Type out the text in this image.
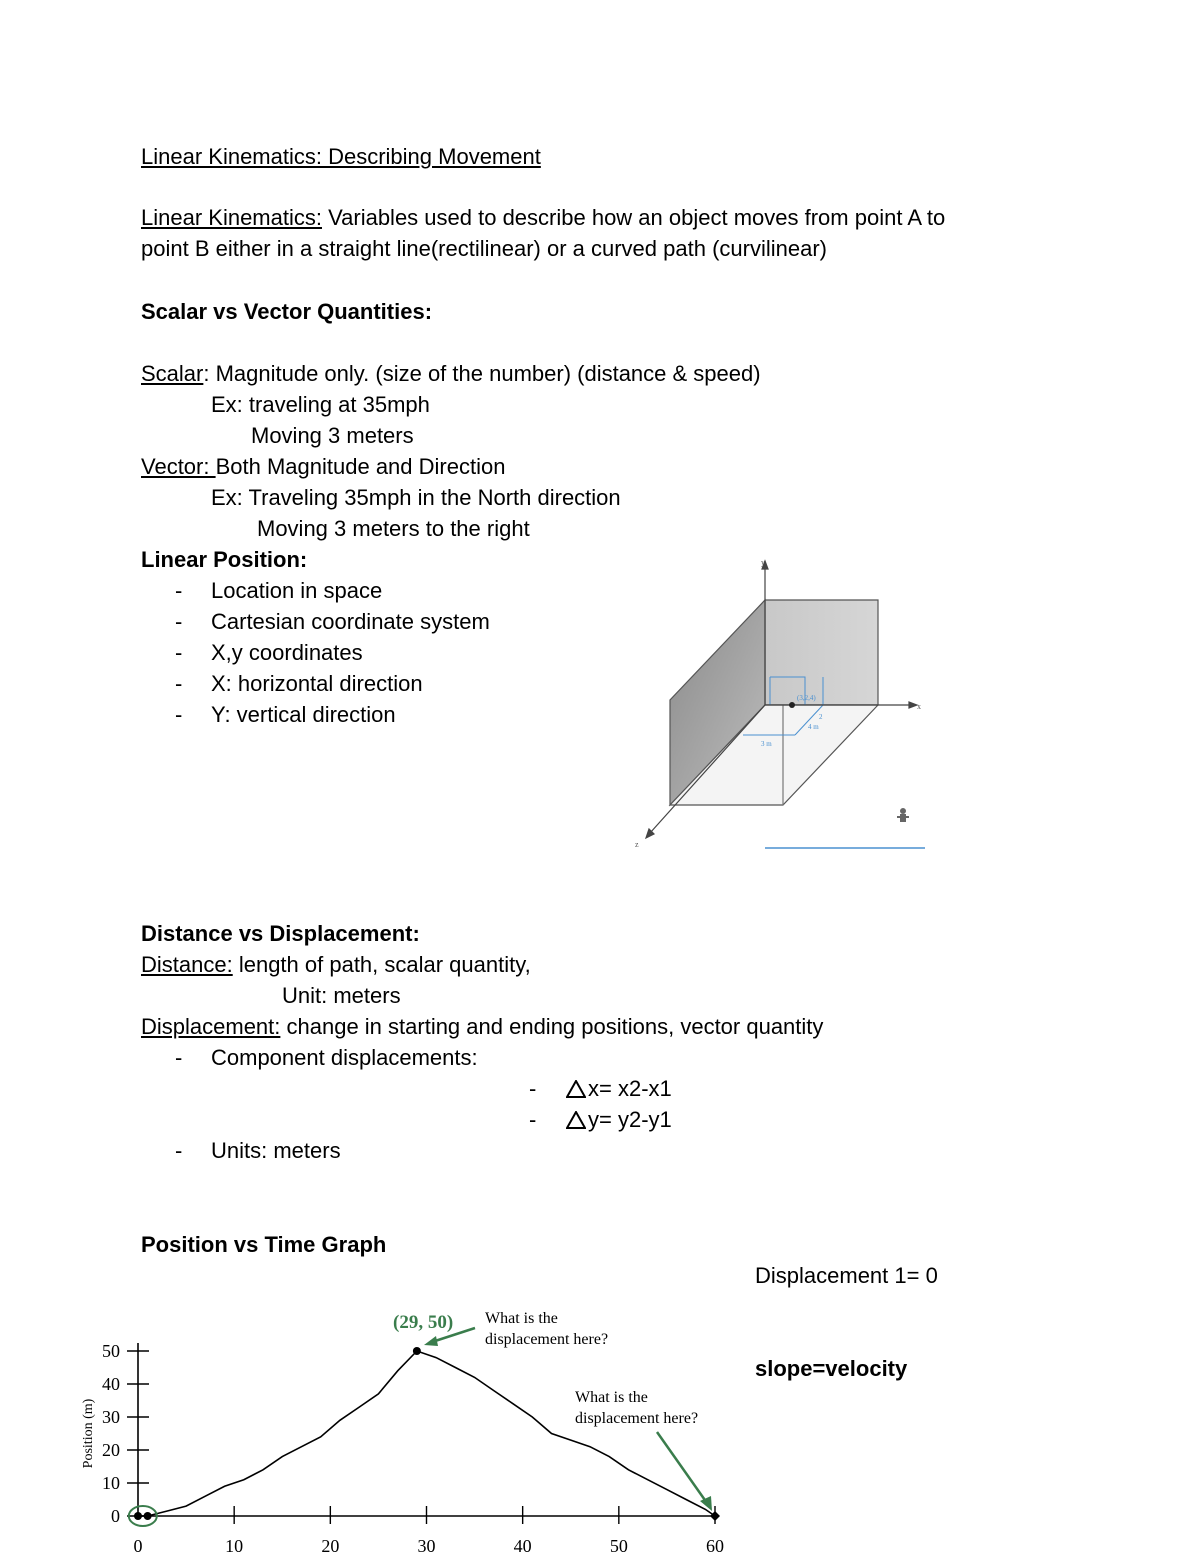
Linear Kinematics: Describing Movement
Linear Kinematics: Variables used to describe how an object moves from point A to
point B either in a straight line(rectilinear) or a curved path (curvilinear)
Scalar vs Vector Quantities:
Scalar: Magnitude only. (size of the number) (distance & speed)
Ex: traveling at 35mph
Moving 3 meters
Vector: Both Magnitude and Direction
Ex: Traveling 35mph in the North direction
Moving 3 meters to the right
Linear Position:
- Location in space
- Cartesian coordinate system
- X,y coordinates
- X: horizontal direction
- Y: vertical direction
y
x
z
(3,2,4)
3 m
4 m
2
Distance vs Displacement:
Distance: length of path, scalar quantity,
Unit: meters
Displacement: change in starting and ending positions, vector quantity
- Component displacements:
- x= x2-x1
- y= y2-y1
- Units: meters
Position vs Time Graph
Displacement 1= 0
slope=velocity
0	10	20	30	40	50	60
0
10
20
30
40
50
Position (m)
(29, 50) What is the
displacement here?
What is the
displacement here?
